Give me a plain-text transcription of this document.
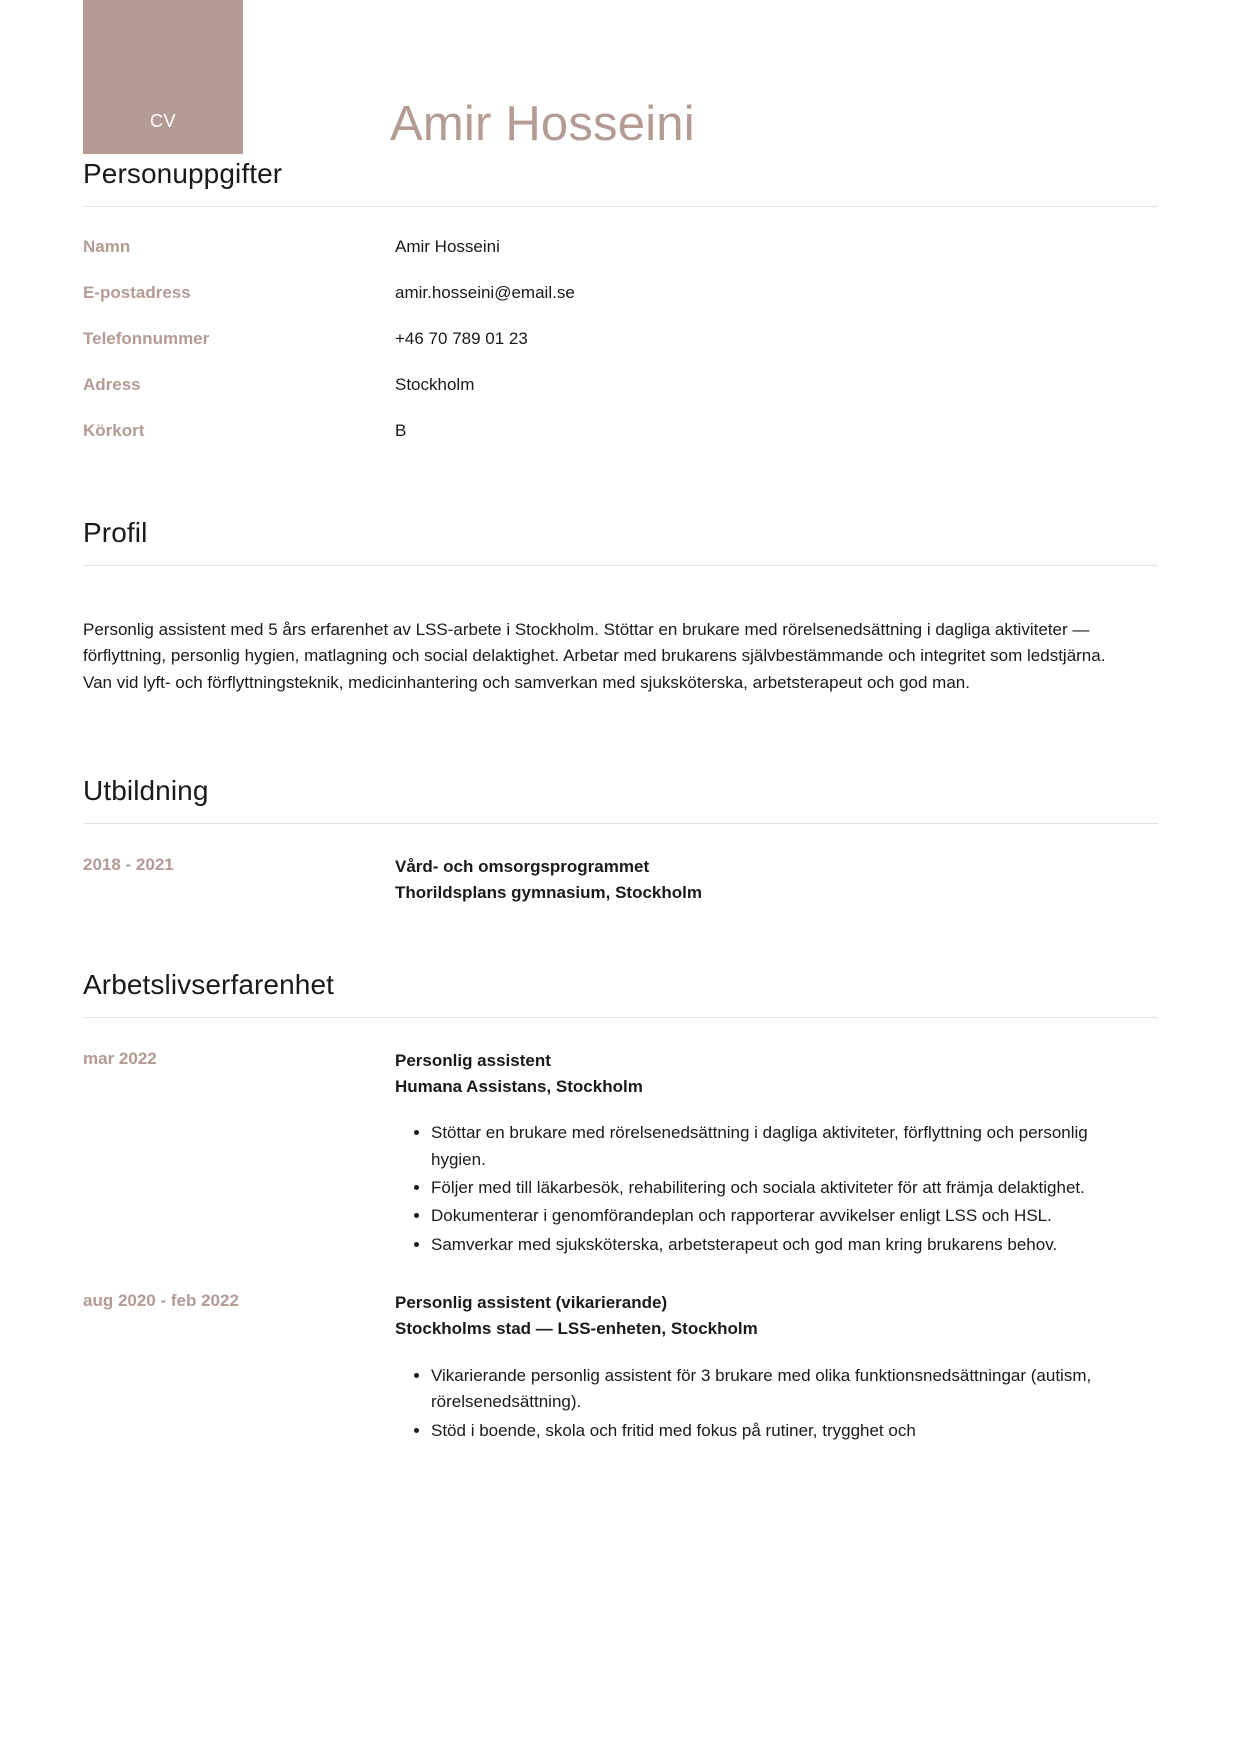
CV	Amir Hosseini
Personuppgifter
Namn	Amir Hosseini
E-postadress	amir.hosseini@email.se
Telefonnummer	+46 70 789 01 23
Adress	Stockholm
Körkort	B
Profil

Personlig assistent med 5 års erfarenhet av LSS-arbete i Stockholm. Stöttar en brukare med rörelsenedsättning i dagliga aktiviteter — förflyttning, personlig hygien, matlagning och social delaktighet. Arbetar med brukarens självbestämmande och integritet som ledstjärna. Van vid lyft- och förflyttningsteknik, medicinhantering och samverkan med sjuksköterska, arbetsterapeut och god man.

Utbildning
2018 - 2021	Vård- och omsorgsprogrammet
Thorildsplans gymnasium, Stockholm
Arbetslivserfarenhet
mar 2022	Personlig assistent
Humana Assistans, Stockholm
• Stöttar en brukare med rörelsenedsättning i dagliga aktiviteter, förflyttning och personlig hygien.
• Följer med till läkarbesök, rehabilitering och sociala aktiviteter för att främja delaktighet.
• Dokumenterar i genomförandeplan och rapporterar avvikelser enligt LSS och HSL.
• Samverkar med sjuksköterska, arbetsterapeut och god man kring brukarens behov.
aug 2020 - feb 2022	Personlig assistent (vikarierande)
Stockholms stad — LSS-enheten, Stockholm
• Vikarierande personlig assistent för 3 brukare med olika funktionsnedsättningar (autism, rörelsenedsättning).
• Stöd i boende, skola och fritid med fokus på rutiner, trygghet och
